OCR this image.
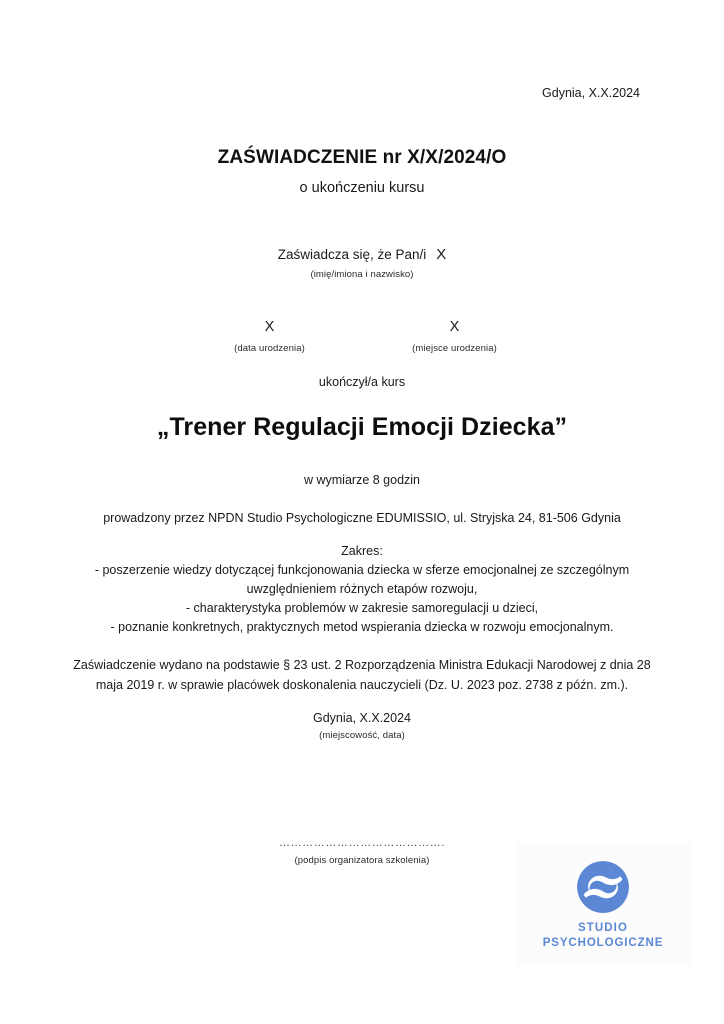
Gdynia, X.X.2024
ZAŚWIADCZENIE nr X/X/2024/O
o ukończeniu kursu
Zaświadcza się, że Pan/i X
(imię/imiona i nazwisko)
X
(data urodzenia)
X
(miejsce urodzenia)
ukończył/a kurs
„Trener Regulacji Emocji Dziecka”
w wymiarze 8 godzin
prowadzony przez NPDN Studio Psychologiczne EDUMISSIO, ul. Stryjska 24, 81-506 Gdynia
Zakres:
- poszerzenie wiedzy dotyczącej funkcjonowania dziecka w sferze emocjonalnej ze szczególnym uwzględnieniem różnych etapów rozwoju,
- charakterystyka problemów w zakresie samoregulacji u dzieci,
- poznanie konkretnych, praktycznych metod wspierania dziecka w rozwoju emocjonalnym.
Zaświadczenie wydano na podstawie § 23 ust. 2 Rozporządzenia Ministra Edukacji Narodowej z dnia 28 maja 2019 r. w sprawie placówek doskonalenia nauczycieli (Dz. U. 2023 poz. 2738 z późn. zm.).
Gdynia, X.X.2024
(miejscowość, data)
…………………………………….
(podpis organizatora szkolenia)
STUDIO
PSYCHOLOGICZNE
